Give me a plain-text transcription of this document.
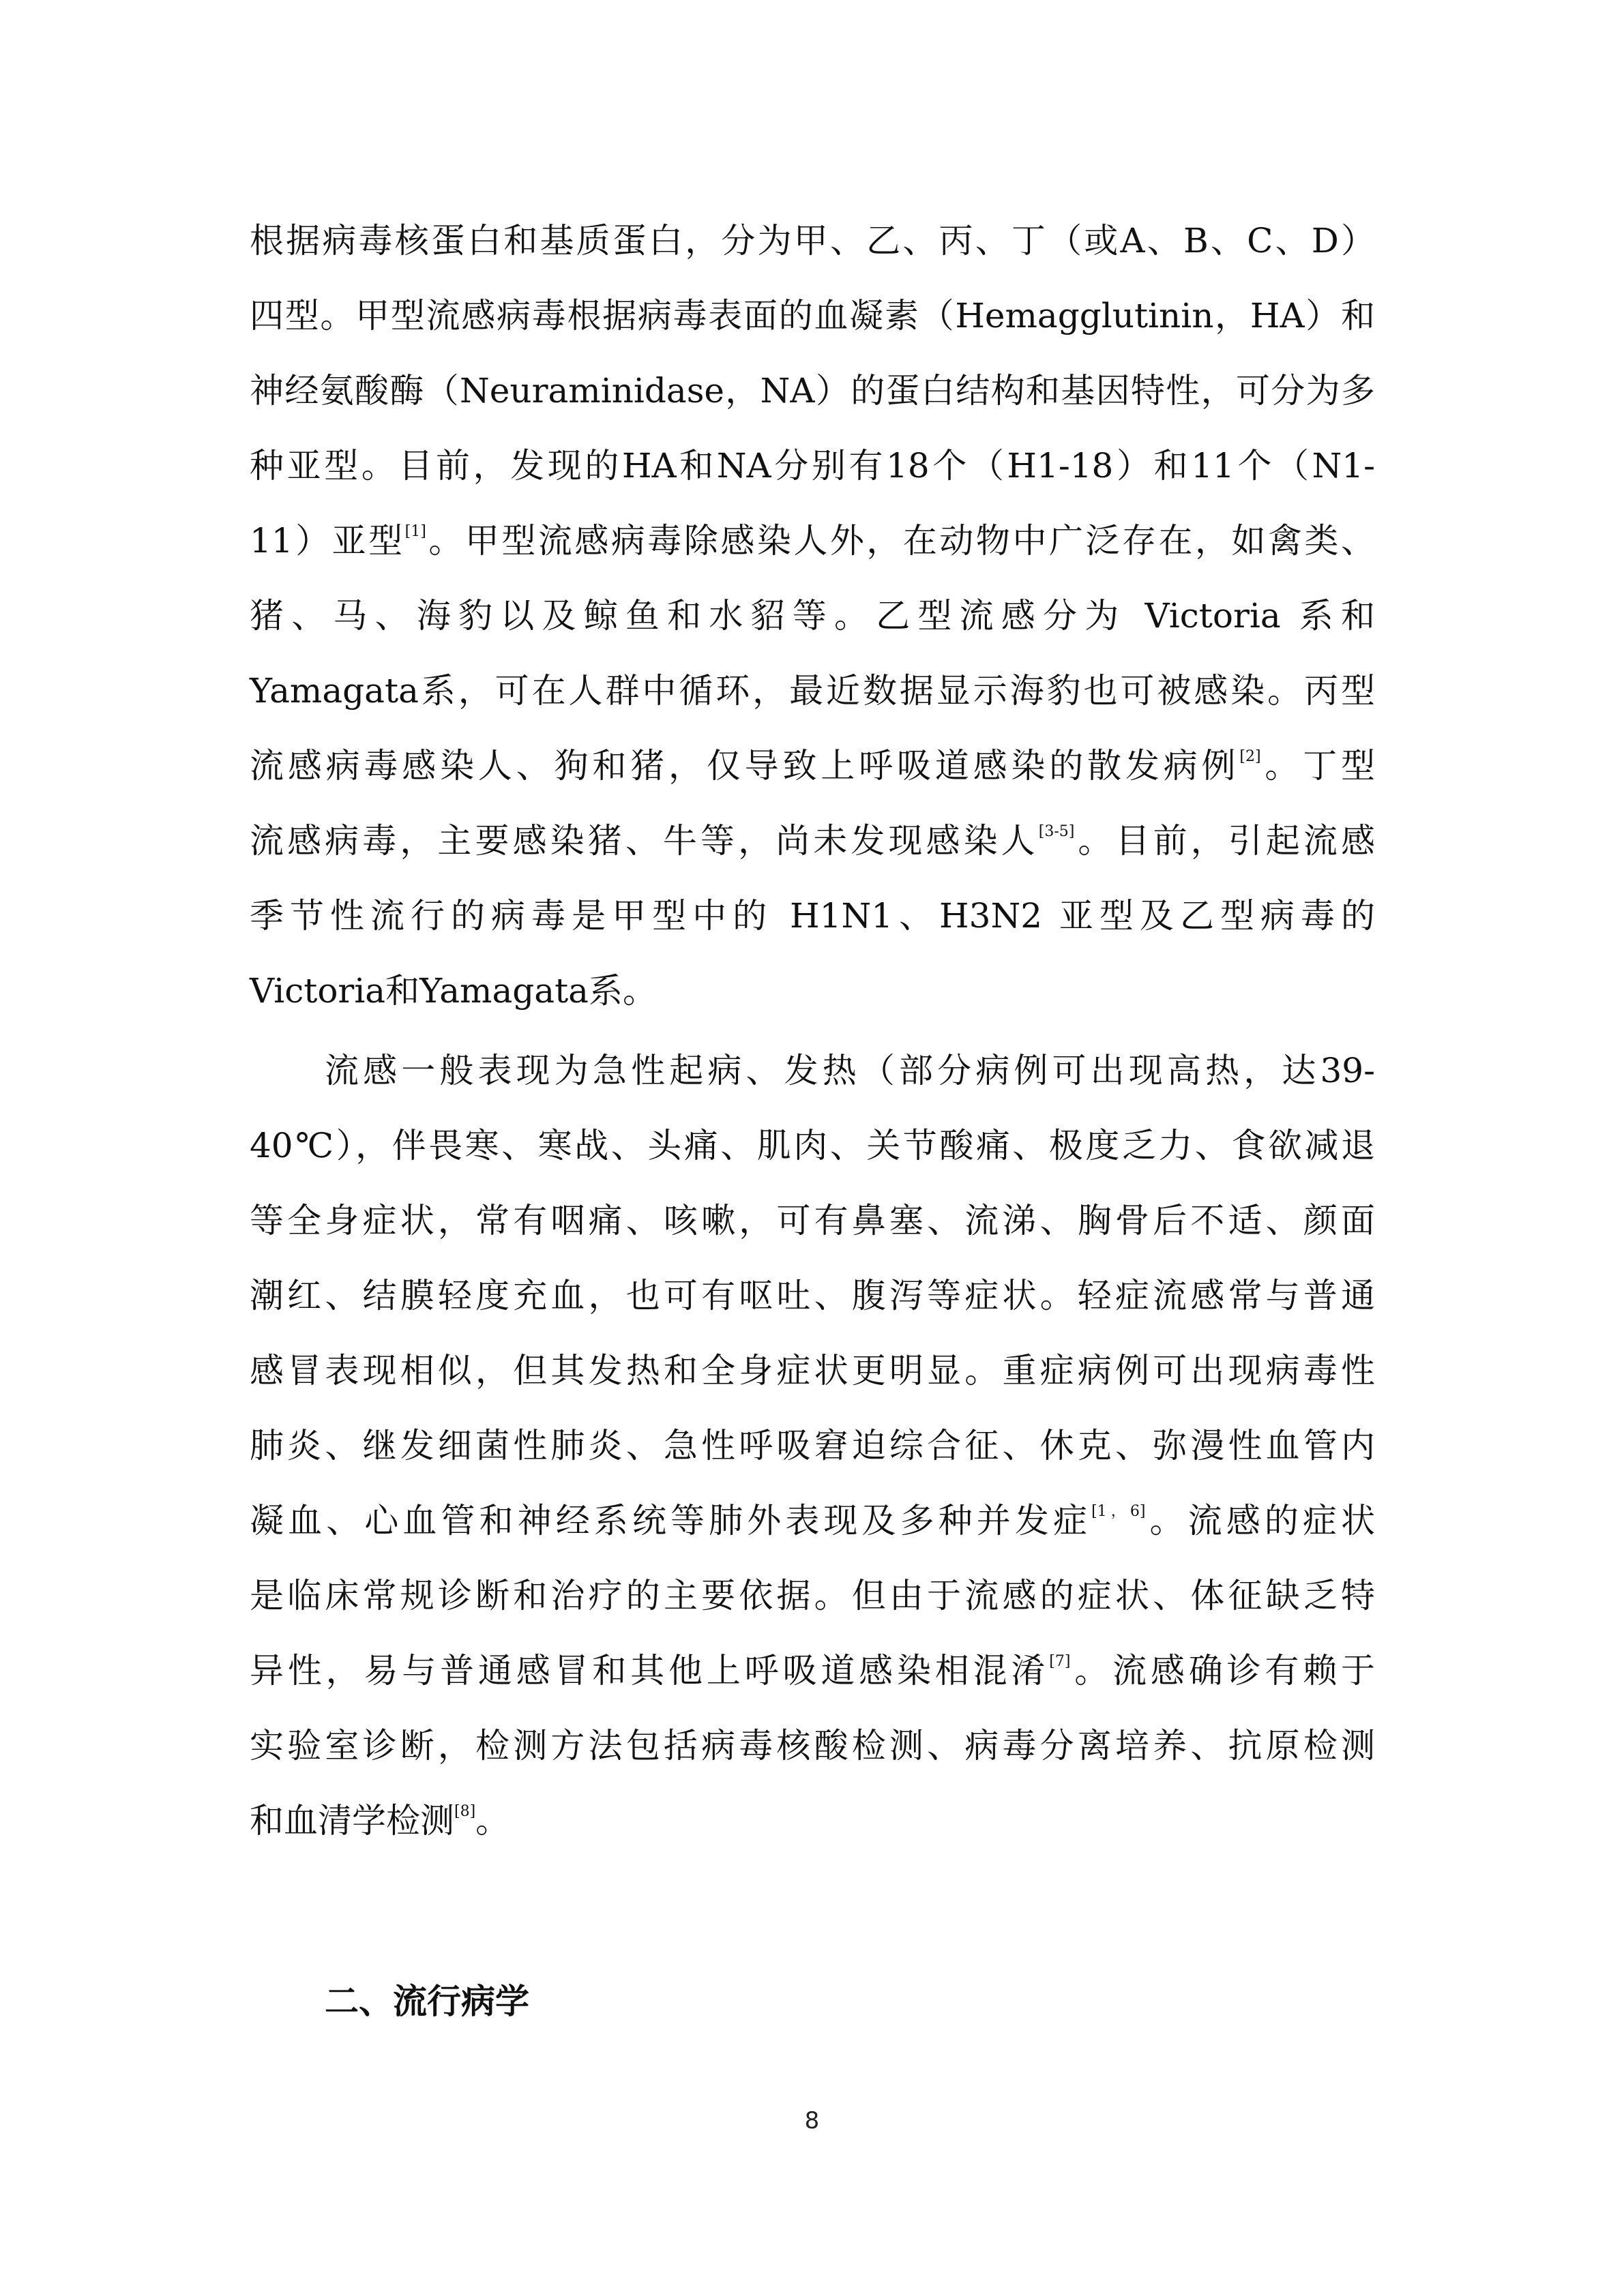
根据病毒核蛋白和基质蛋白，分为甲、乙、丙、丁（或A、B、C、D）
四型。甲型流感病毒根据病毒表面的血凝素（Hemagglutinin，HA）和
神经氨酸酶（Neuraminidase，NA）的蛋白结构和基因特性，可分为多
种亚型。目前，发现的HA和NA分别有18个（H1-18）和11个（N1-
11）亚型[1]。甲型流感病毒除感染人外，在动物中广泛存在，如禽类、
猪、马、海豹以及鲸鱼和水貂等。乙型流感分为 Victoria 系和
Yamagata系，可在人群中循环，最近数据显示海豹也可被感染。丙型
流感病毒感染人、狗和猪，仅导致上呼吸道感染的散发病例[2]。丁型
流感病毒，主要感染猪、牛等，尚未发现感染人[3-5]。目前，引起流感
季节性流行的病毒是甲型中的 H1N1、H3N2 亚型及乙型病毒的
Victoria和Yamagata系。
流感一般表现为急性起病、发热（部分病例可出现高热，达39-
40℃），伴畏寒、寒战、头痛、肌肉、关节酸痛、极度乏力、食欲减退
等全身症状，常有咽痛、咳嗽，可有鼻塞、流涕、胸骨后不适、颜面
潮红、结膜轻度充血，也可有呕吐、腹泻等症状。轻症流感常与普通
感冒表现相似，但其发热和全身症状更明显。重症病例可出现病毒性
肺炎、继发细菌性肺炎、急性呼吸窘迫综合征、休克、弥漫性血管内
凝血、心血管和神经系统等肺外表现及多种并发症[1，6]。流感的症状
是临床常规诊断和治疗的主要依据。但由于流感的症状、体征缺乏特
异性，易与普通感冒和其他上呼吸道感染相混淆[7]。流感确诊有赖于
实验室诊断，检测方法包括病毒核酸检测、病毒分离培养、抗原检测
和血清学检测[8]。
二、流行病学
8
